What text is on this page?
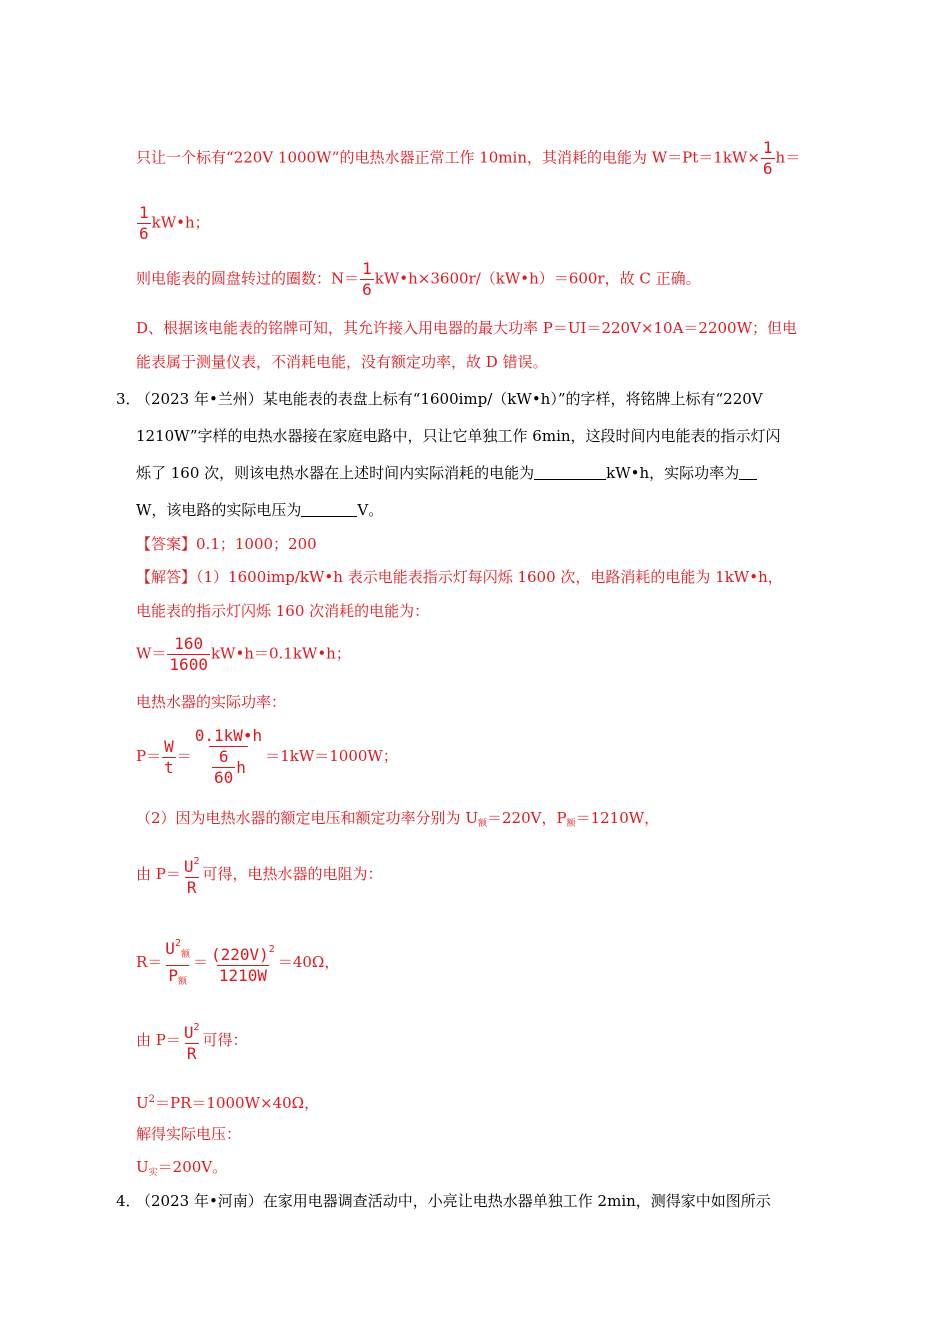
只让一个标有“220V 1000W”的电热水器正常工作 10min，其消耗的电能为 $W=Pt=1kW\times \frac{1}{6} h=$
$\frac{1}{6}$ kW•h；
则电能表的圆盘转过的圈数：$N= \frac{1}{6}$ kW•h×3600r/（kW•h）＝600r，故 C 正确。
D、根据该电能表的铭牌可知，其允许接入用电器的最大功率 P＝UI＝220V×10A＝2200W；但电
能表属于测量仪表，不消耗电能，没有额定功率，故 D 错误。
3．
（2023 年•兰州）某电能表的表盘上标有“1600imp/（kW•h）”的字样，将铭牌上标有“220V
1210W”字样的电热水器接在家庭电路中，只让它单独工作 6min，这段时间内电能表的指示灯闪
烁了 160 次，则该电热水器在上述时间内实际消耗的电能为	kW•h，实际功率为
W，该电路的实际电压为	V。
【答案】0.1；1000；200
【解答】（1）1600imp/kW•h 表示电能表指示灯每闪烁 1600 次，电路消耗的电能为 1kW•h，
电能表的指示灯闪烁 160 次消耗的电能为：
$W= \frac{160}{1600}$ kW•h＝0.1kW•h；
电热水器的实际功率：
$P= \frac{W}{t} = \frac{0.1kW•h}{\frac{6}{60} h} =1kW=1000W$；
（2）因为电热水器的额定电压和额定功率分别为 $U_额=220V$，$P_额=1210W$，
由 $P= \frac{U^2}{R}$ 可得，电热水器的电阻为：
$R= \frac{U^2_额}{P_额} = \frac{(220V)^2}{1210W} =40\Omega$，
由 $P= \frac{U^2}{R}$ 可得：
$U^2=PR=1000W\times 40\Omega$，
解得实际电压：
$U_实=200V$。
4．
（2023 年•河南）在家用电器调查活动中，小亮让电热水器单独工作 2min，测得家中如图所示
